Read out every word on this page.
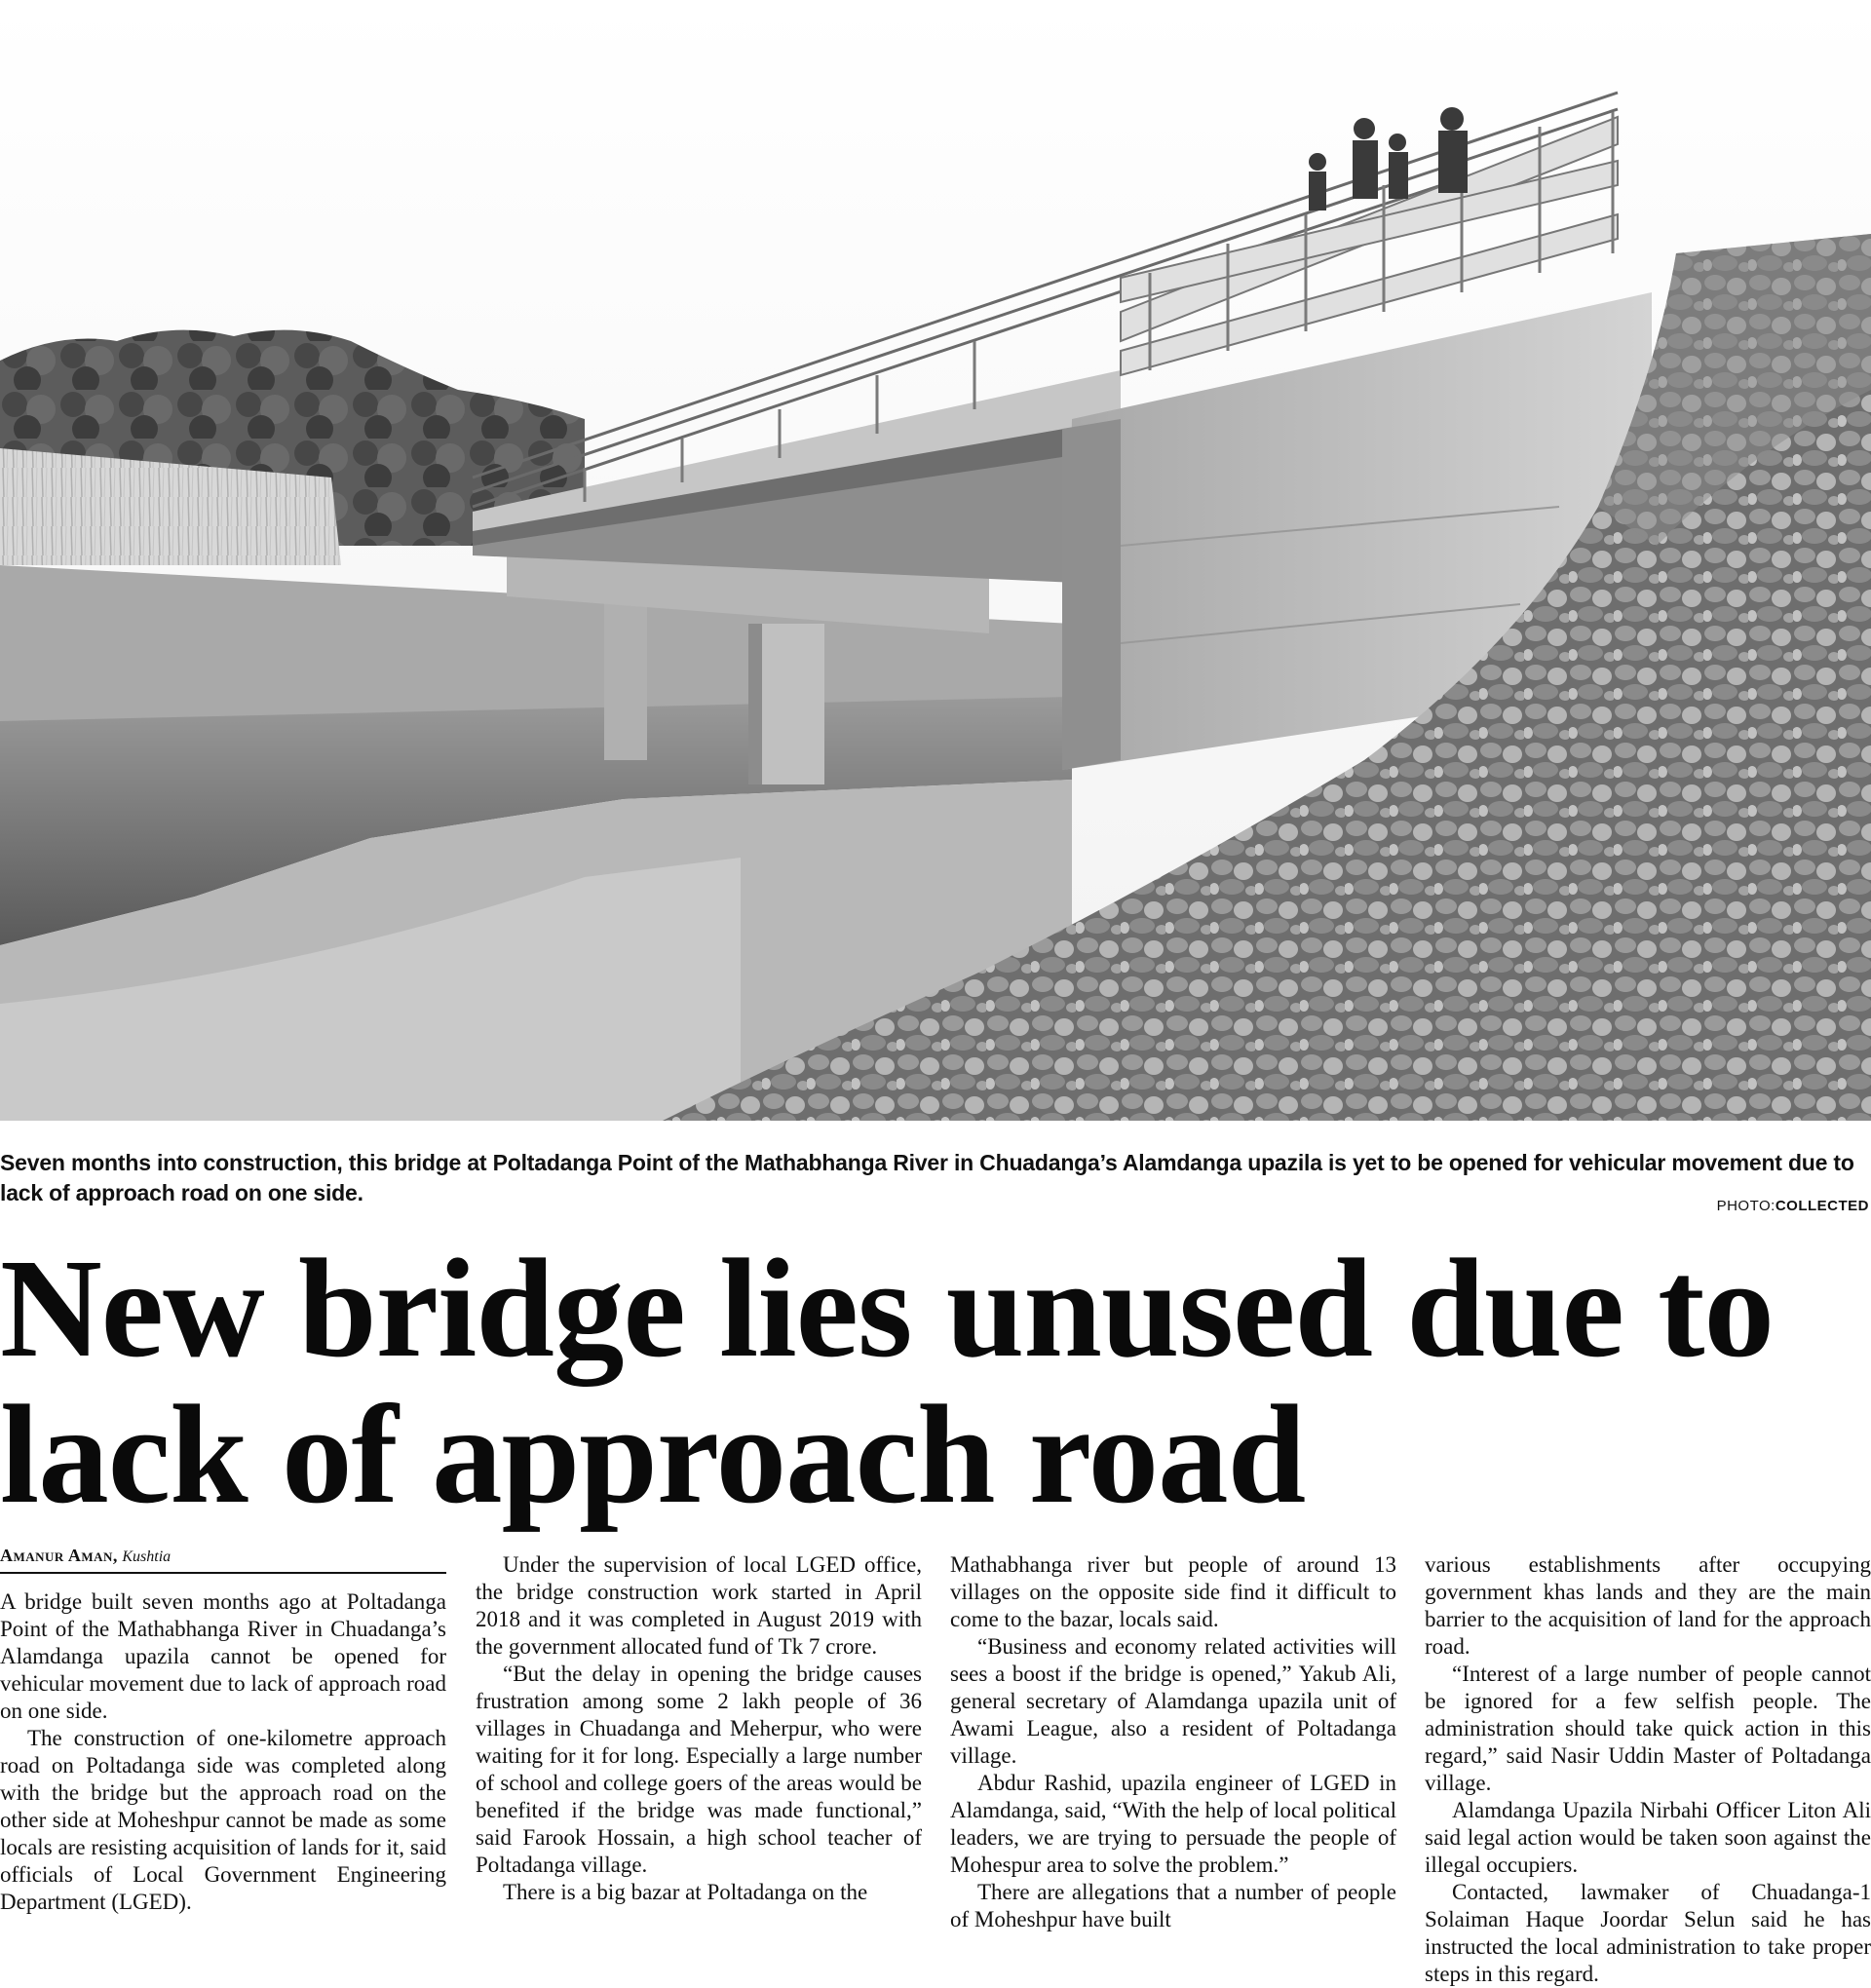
Seven months into construction, this bridge at Poltadanga Point of the Mathabhanga River in Chuadanga’s Alamdanga upazila is yet to be opened for vehicular movement due to lack of approach road on one side.
PHOTO:COLLECTED
New bridge lies unused due to
lack of approach road
Amanur Aman, Kushtia

A bridge built seven months ago at Poltadanga Point of the Mathabhanga River in Chuadanga’s Alamdanga upazila cannot be opened for vehicular movement due to lack of approach road on one side.

The construction of one-kilometre approach road on Poltadanga side was completed along with the bridge but the approach road on the other side at Moheshpur cannot be made as some locals are resisting acquisition of lands for it, said officials of Local Government Engineering Department (LGED).

Under the supervision of local LGED office, the bridge construction work started in April 2018 and it was completed in August 2019 with the government allocated fund of Tk 7 crore.

“But the delay in opening the bridge causes frustration among some 2 lakh people of 36 villages in Chuadanga and Meherpur, who were waiting for it for long. Especially a large number of school and college goers of the areas would be benefited if the bridge was made functional,” said Farook Hossain, a high school teacher of Poltadanga village.

There is a big bazar at Poltadanga on the

Mathabhanga river but people of around 13 villages on the opposite side find it difficult to come to the bazar, locals said.

“Business and economy related activities will sees a boost if the bridge is opened,” Yakub Ali, general secretary of Alamdanga upazila unit of Awami League, also a resident of Poltadanga village.

Abdur Rashid, upazila engineer of LGED in Alamdanga, said, “With the help of local political leaders, we are trying to persuade the people of Mohespur area to solve the problem.”

There are allegations that a number of people of Moheshpur have built

various establishments after occupying government khas lands and they are the main barrier to the acquisition of land for the approach road.

“Interest of a large number of people cannot be ignored for a few selfish people. The administration should take quick action in this regard,” said Nasir Uddin Master of Poltadanga village.

Alamdanga Upazila Nirbahi Officer Liton Ali said legal action would be taken soon against the illegal occupiers.

Contacted, lawmaker of Chuadanga-1 Solaiman Haque Joordar Selun said he has instructed the local administration to take proper steps in this regard.
